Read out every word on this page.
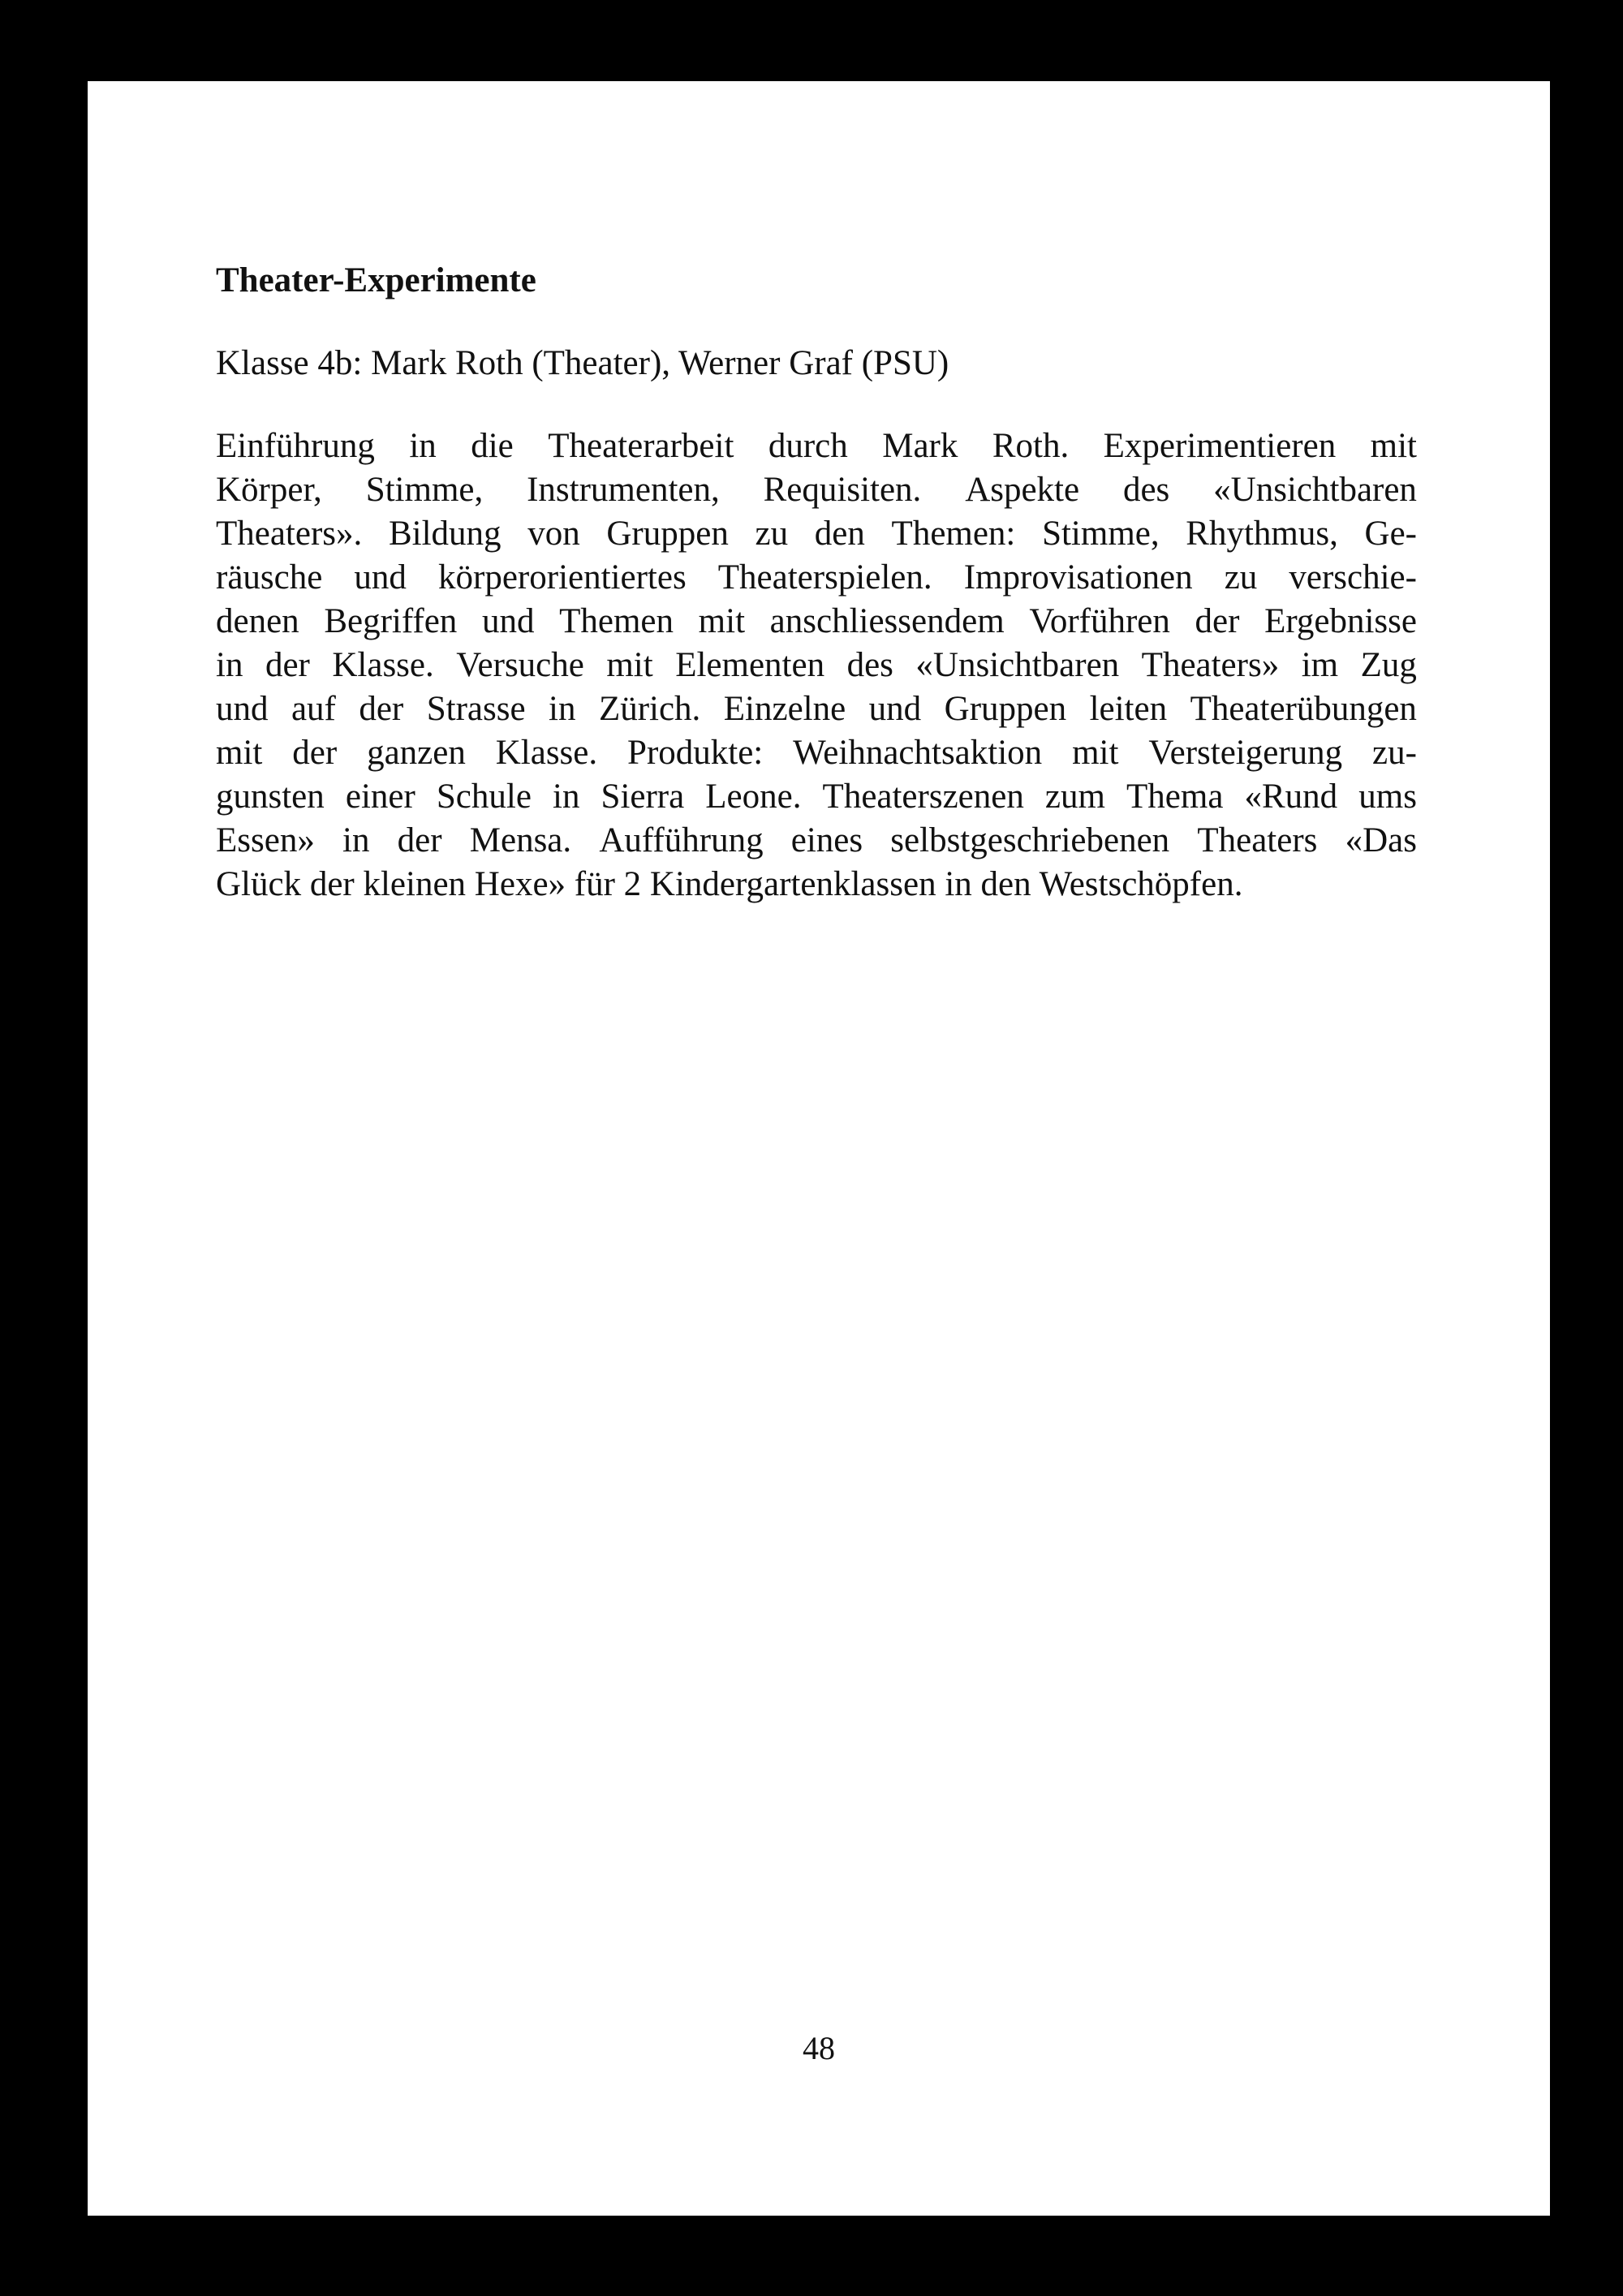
Theater-Experimente

Klasse 4b: Mark Roth (Theater), Werner Graf (PSU)

Einführung in die Theaterarbeit durch Mark Roth. Experimentieren mit
Körper, Stimme, Instrumenten, Requisiten. Aspekte des «Unsichtbaren
Theaters». Bildung von Gruppen zu den Themen: Stimme, Rhythmus, Ge-
räusche und körperorientiertes Theaterspielen. Improvisationen zu verschie-
denen Begriffen und Themen mit anschliessendem Vorführen der Ergebnisse
in der Klasse. Versuche mit Elementen des «Unsichtbaren Theaters» im Zug
und auf der Strasse in Zürich. Einzelne und Gruppen leiten Theaterübungen
mit der ganzen Klasse. Produkte: Weihnachtsaktion mit Versteigerung zu-
gunsten einer Schule in Sierra Leone. Theaterszenen zum Thema «Rund ums
Essen» in der Mensa. Aufführung eines selbstgeschriebenen Theaters «Das
Glück der kleinen Hexe» für 2 Kindergartenklassen in den Westschöpfen.
48
